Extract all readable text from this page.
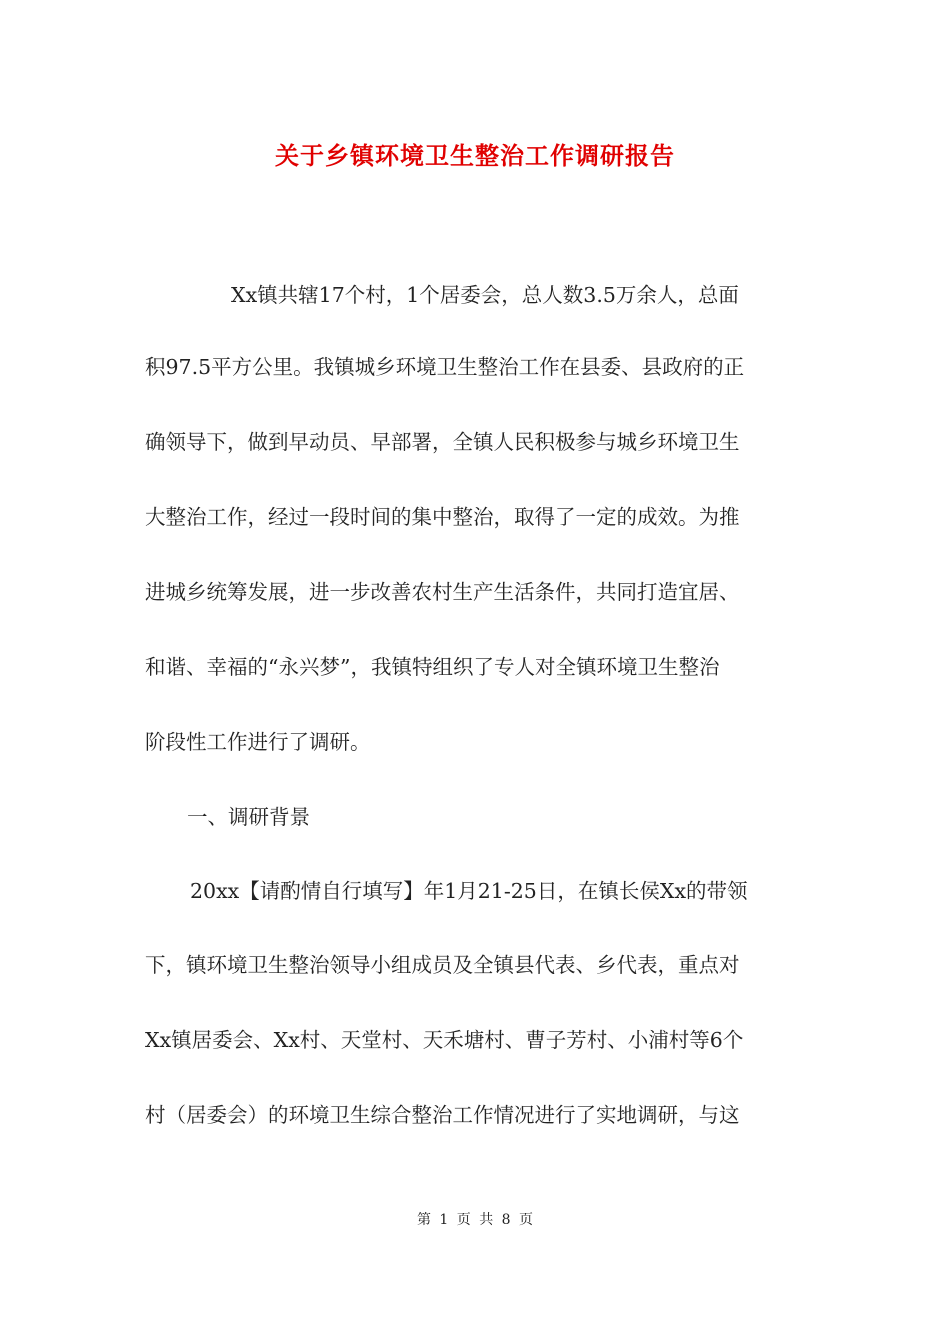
关于乡镇环境卫生整治工作调研报告
Xx镇共辖17个村，1个居委会，总人数3.5万余人，总面
积97.5平方公里。我镇城乡环境卫生整治工作在县委、县政府的正
确领导下，做到早动员、早部署，全镇人民积极参与城乡环境卫生
大整治工作，经过一段时间的集中整治，取得了一定的成效。为推
进城乡统筹发展，进一步改善农村生产生活条件，共同打造宜居、
和谐、幸福的“永兴梦”，我镇特组织了专人对全镇环境卫生整治
阶段性工作进行了调研。
一、调研背景
20xx【请酌情自行填写】年1月21-25日，在镇长侯Xx的带领
下，镇环境卫生整治领导小组成员及全镇县代表、乡代表，重点对
Xx镇居委会、Xx村、天堂村、天禾塘村、曹子芳村、小浦村等6个
村（居委会）的环境卫生综合整治工作情况进行了实地调研，与这
第 1 页 共 8 页
